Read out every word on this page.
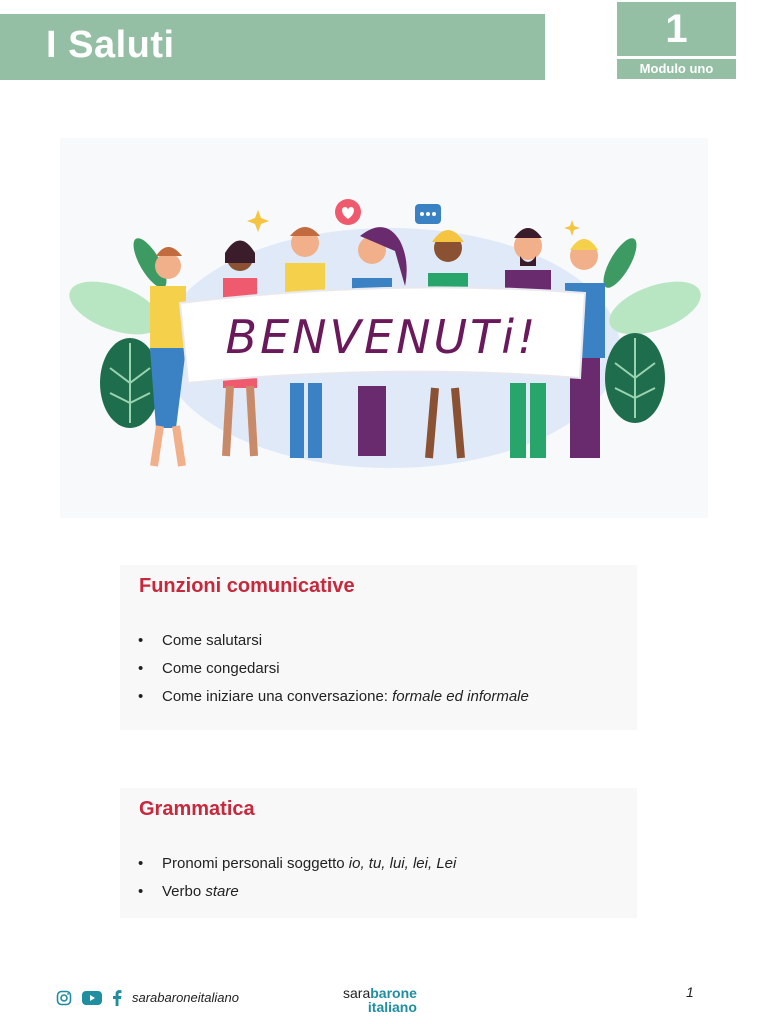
I Saluti	1
Modulo uno
BENVENUTi!
Funzioni comunicative
• Come salutarsi
• Come congedarsi
• Come iniziare una conversazione: formale ed informale
Grammatica
• Pronomi personali soggetto io, tu, lui, lei, Lei
• Verbo stare
sarabaroneitaliano	sarabarone
italiano
1
